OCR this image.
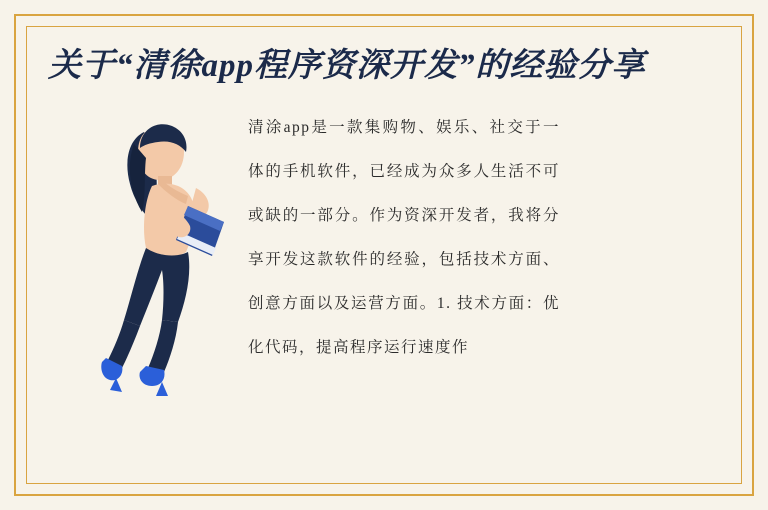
关于“清徐app程序资深开发”的经验分享

清涂app是一款集购物、娱乐、社交于一体的手机软件，已经成为众多人生活不可或缺的一部分。作为资深开发者，我将分享开发这款软件的经验，包括技术方面、创意方面以及运营方面。1. 技术方面：优化代码，提高程序运行速度作
